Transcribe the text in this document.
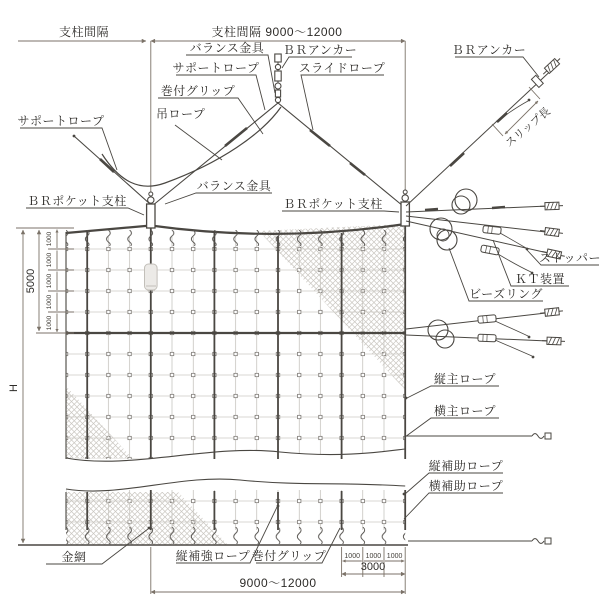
支柱間隔	支柱間隔 9000〜12000
H
5000
1000
1000
1000
1000
1000
1000 1000 1000
3000
9000〜12000
バランス金具 ＢＲアンカー
サポートロープ	スライドロープ
巻付グリップ
吊ロープ
サポートロープ
バランス金具
ＢＲポケット支柱	ＢＲポケット支柱
ＢＲアンカー
スリップ長
ストッパー
ＫＴ装置
ビーズリング
縦主ロープ
横主ロープ
縦補助ロープ
横補助ロープ
金網	縦補強ロープ 巻付グリップ
